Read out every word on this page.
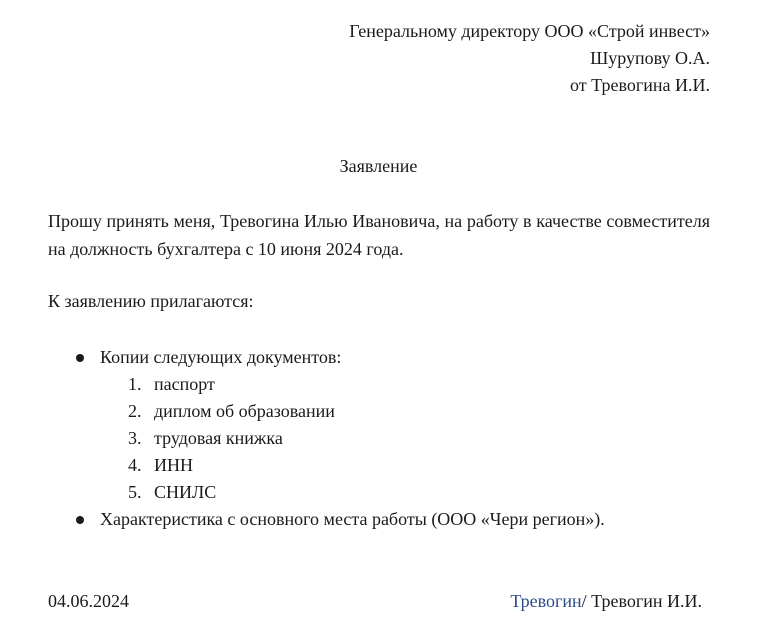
Генеральному директору ООО «Строй инвест»
Шурупову О.А.
от Тревогина И.И.
Заявление
Прошу принять меня, Тревогина Илью Ивановича, на работу в качестве совместителя на должность бухгалтера с 10 июня 2024 года.
К заявлению прилагаются:
Копии следующих документов:
1. паспорт
2. диплом об образовании
3. трудовая книжка
4. ИНН
5. СНИЛС
Характеристика с основного места работы (ООО «Чери регион»).
04.06.2024	Тревогин/ Тревогин И.И.
